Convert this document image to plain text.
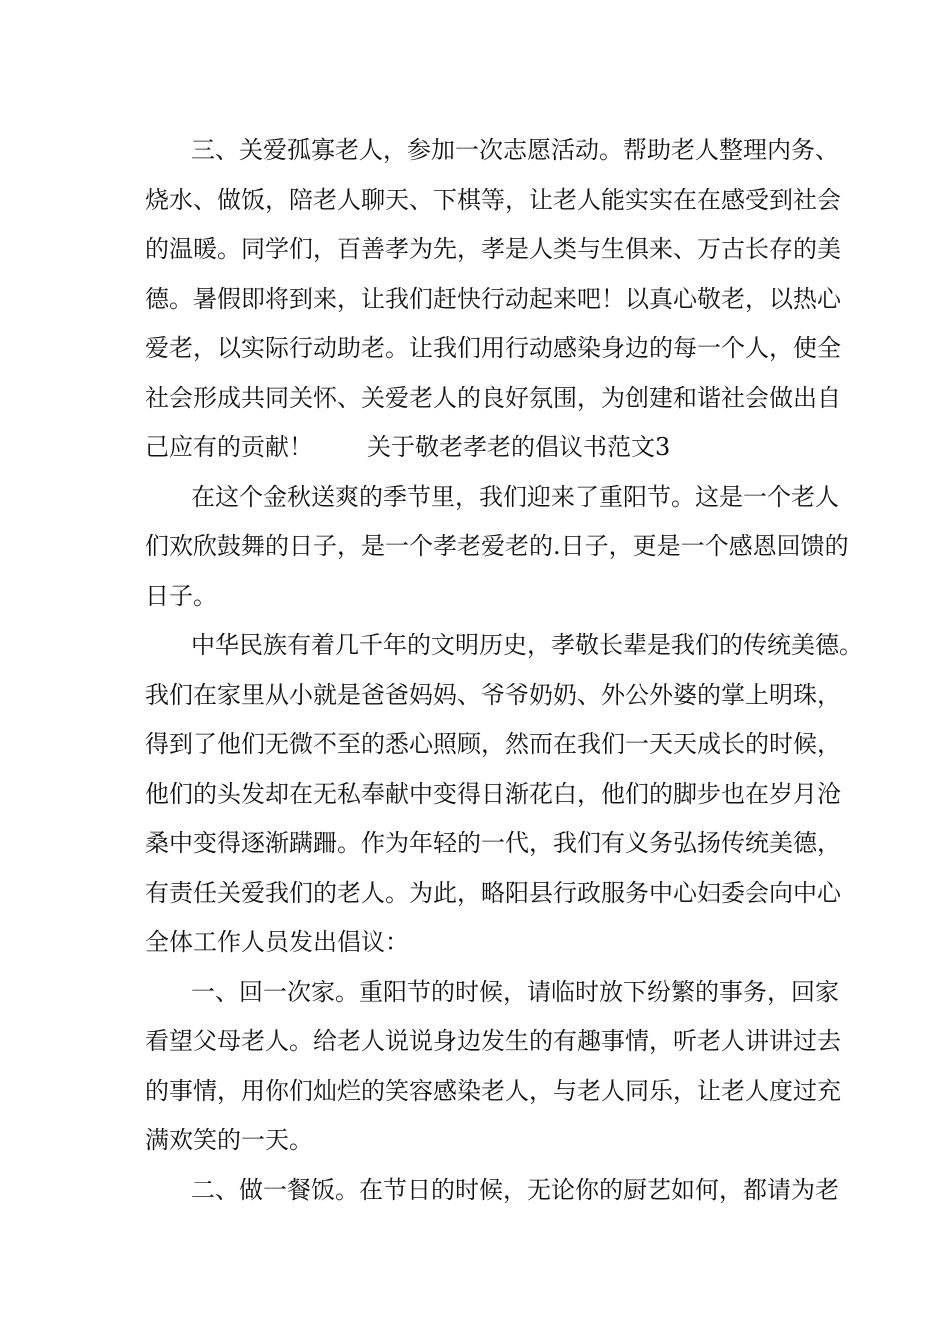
三、关爱孤寡老人，参加一次志愿活动。帮助老人整理内务、
烧水、做饭，陪老人聊天、下棋等，让老人能实实在在感受到社会
的温暖。同学们，百善孝为先，孝是人类与生俱来、万古长存的美
德。暑假即将到来，让我们赶快行动起来吧！以真心敬老，以热心
爱老，以实际行动助老。让我们用行动感染身边的每一个人，使全
社会形成共同关怀、关爱老人的良好氛围，为创建和谐社会做出自
己应有的贡献！ 关于敬老孝老的倡议书范文3
在这个金秋送爽的季节里，我们迎来了重阳节。这是一个老人
们欢欣鼓舞的日子，是一个孝老爱老的.日子，更是一个感恩回馈的
日子。
中华民族有着几千年的文明历史，孝敬长辈是我们的传统美德。
我们在家里从小就是爸爸妈妈、爷爷奶奶、外公外婆的掌上明珠，
得到了他们无微不至的悉心照顾，然而在我们一天天成长的时候，
他们的头发却在无私奉献中变得日渐花白，他们的脚步也在岁月沧
桑中变得逐渐蹒跚。作为年轻的一代，我们有义务弘扬传统美德，
有责任关爱我们的老人。为此，略阳县行政服务中心妇委会向中心
全体工作人员发出倡议：
一、回一次家。重阳节的时候，请临时放下纷繁的事务，回家
看望父母老人。给老人说说身边发生的有趣事情，听老人讲讲过去
的事情，用你们灿烂的笑容感染老人，与老人同乐，让老人度过充
满欢笑的一天。
二、做一餐饭。在节日的时候，无论你的厨艺如何，都请为老
